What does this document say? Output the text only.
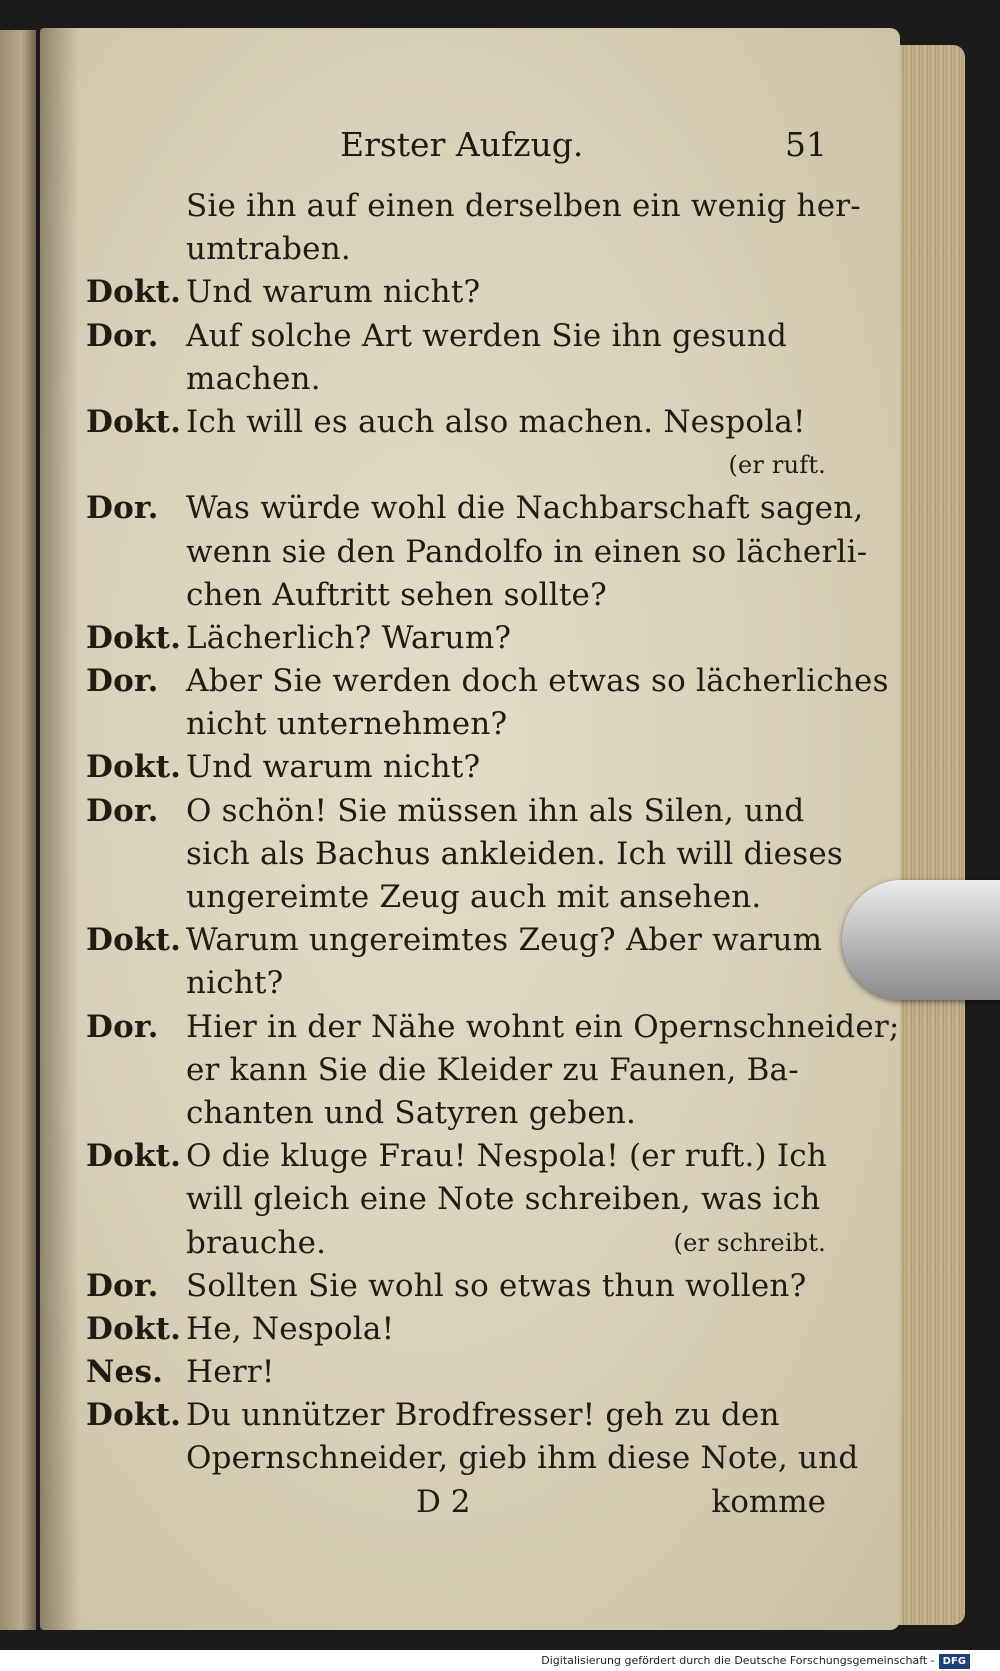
Erster Aufzug.	51
Sie ihn auf einen derselben ein wenig her-
umtraben.
Dokt. Und warum nicht?
Dor. Auf solche Art werden Sie ihn gesund
machen.
Dokt. Ich will es auch also machen. Nespola!
(er ruft.
Dor. Was würde wohl die Nachbarschaft sagen,
wenn sie den Pandolfo in einen so lächerli-
chen Auftritt sehen sollte?
Dokt. Lächerlich? Warum?
Dor. Aber Sie werden doch etwas so lächerliches
nicht unternehmen?
Dokt. Und warum nicht?
Dor. O schön! Sie müssen ihn als Silen, und
sich als Bachus ankleiden. Ich will dieses
ungereimte Zeug auch mit ansehen.
Dokt. Warum ungereimtes Zeug? Aber warum
nicht?
Dor. Hier in der Nähe wohnt ein Opernschneider;
er kann Sie die Kleider zu Faunen, Ba-
chanten und Satyren geben.
Dokt. O die kluge Frau! Nespola! (er ruft.) Ich
will gleich eine Note schreiben, was ich
brauche.	(er schreibt.
Dor. Sollten Sie wohl so etwas thun wollen?
Dokt. He, Nespola!
Nes. Herr!
Dokt. Du unnützer Brodfresser! geh zu den
Opernschneider, gieb ihm diese Note, und
D 2	komme
Digitalisierung gefördert durch die Deutsche Forschungsgemeinschaft - DFG
